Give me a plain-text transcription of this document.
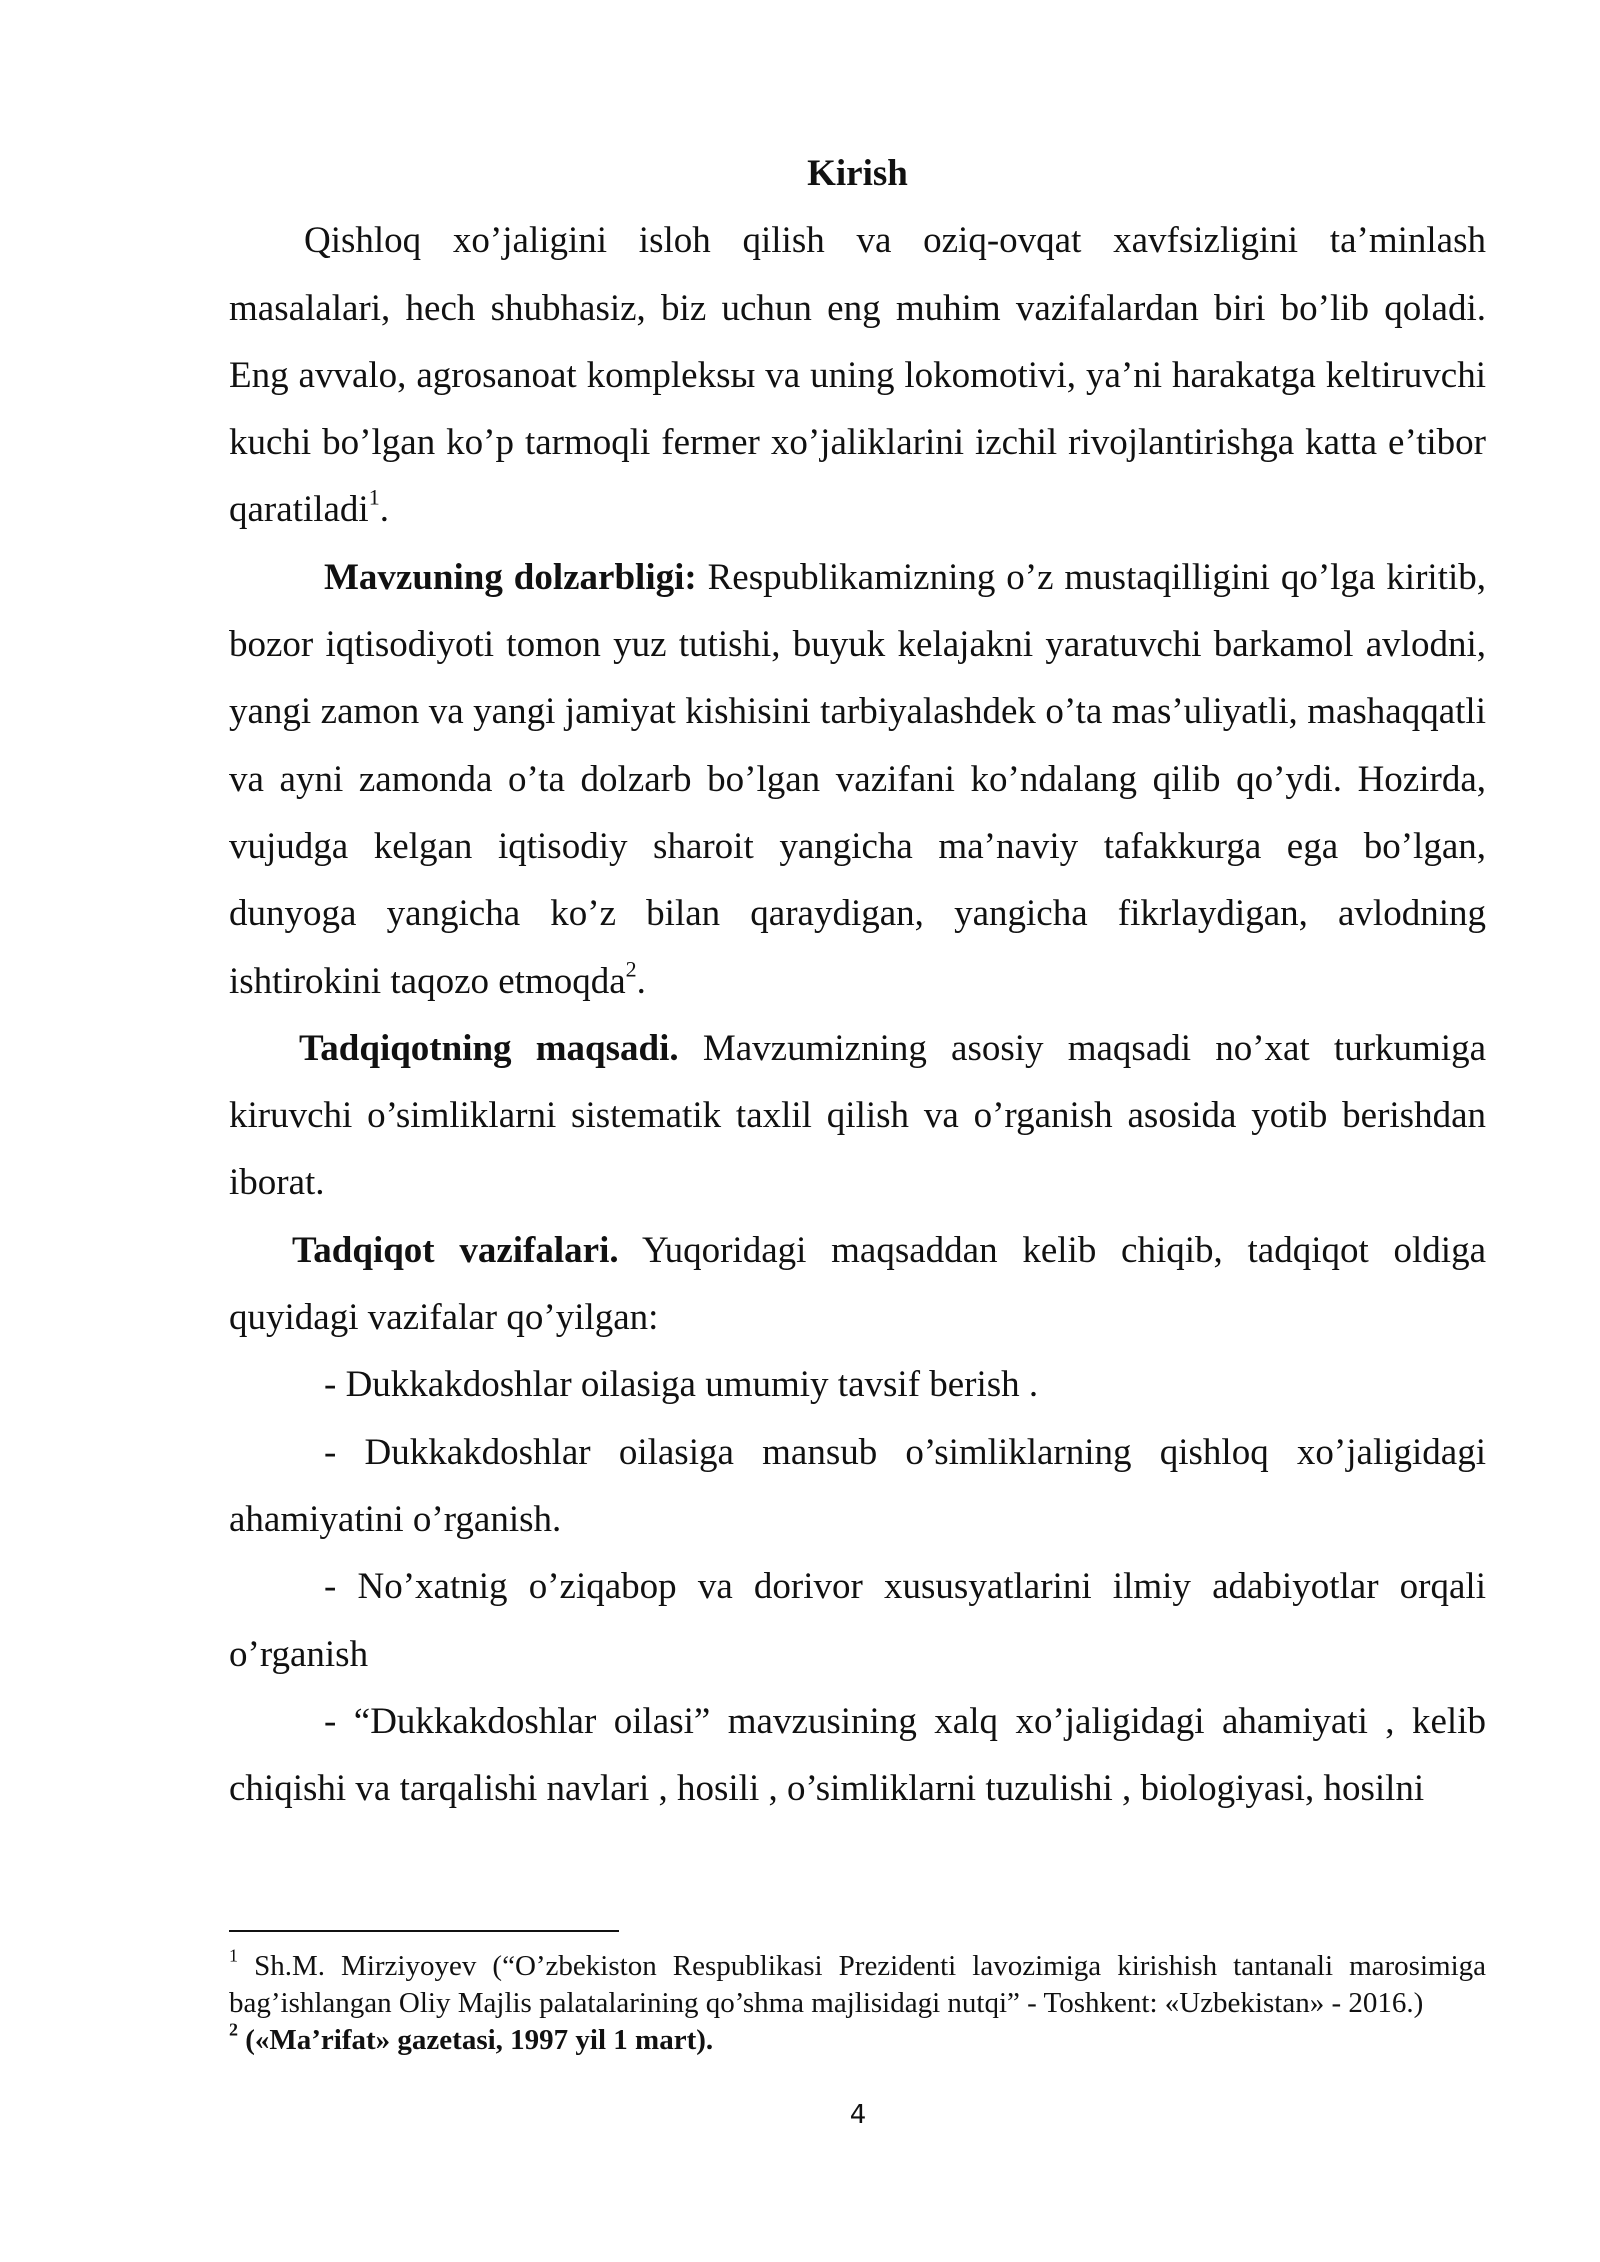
Kirish

Qishloq xo’jaligini isloh qilish va oziq-ovqat xavfsizligini ta’minlash masalalari, hech shubhasiz, biz uchun eng muhim vazifalardan biri bo’lib qoladi. Eng avvalo, agrosanoat kompleksы va uning lokomotivi, ya’ni harakatga keltiruvchi kuchi bo’lgan ko’p tarmoqli fermer xo’jaliklarini izchil rivojlantirishga katta e’tibor qaratiladi$^1$.

Mavzuning dolzarbligi: Respublikamizning o’z mustaqilligini qo’lga kiritib, bozor iqtisodiyoti tomon yuz tutishi, buyuk kelajakni yaratuvchi barkamol avlodni, yangi zamon va yangi jamiyat kishisini tarbiyalashdek o’ta mas’uliyatli, mashaqqatli va ayni zamonda o’ta dolzarb bo’lgan vazifani ko’ndalang qilib qo’ydi. Hozirda, vujudga kelgan iqtisodiy sharoit yangicha ma’naviy tafakkurga ega bo’lgan, dunyoga yangicha ko’z bilan qaraydigan, yangicha fikrlaydigan, avlodning ishtirokini taqozo etmoqda$^2$.

Tadqiqotning maqsadi. Mavzumizning asosiy maqsadi no’xat turkumiga kiruvchi o’simliklarni sistematik taxlil qilish va o’rganish asosida yotib berishdan iborat.

Tadqiqot vazifalari. Yuqoridagi maqsaddan kelib chiqib, tadqiqot oldiga quyidagi vazifalar qo’yilgan:

- Dukkakdoshlar oilasiga umumiy tavsif berish .

- Dukkakdoshlar oilasiga mansub o’simliklarning qishloq xo’jaligidagi ahamiyatini o’rganish.

- No’xatnig o’ziqabop va dorivor xususyatlarini ilmiy adabiyotlar orqali o’rganish

- “Dukkakdoshlar oilasi” mavzusining xalq xo’jaligidagi ahamiyati , kelib chiqishi va tarqalishi navlari , hosili , o’simliklarni tuzulishi , biologiyasi, hosilni

$^1$ Sh.M. Mirziyoyev (“O’zbekiston Respublikasi Prezidenti lavozimiga kirishish tantanali marosimiga bag’ishlangan Oliy Majlis palatalarining qo’shma majlisidagi nutqi” - Toshkent: «Uzbekistan» - 2016.)

$^2$ («Ma’rifat» gazetasi, 1997 yil 1 mart).

4
